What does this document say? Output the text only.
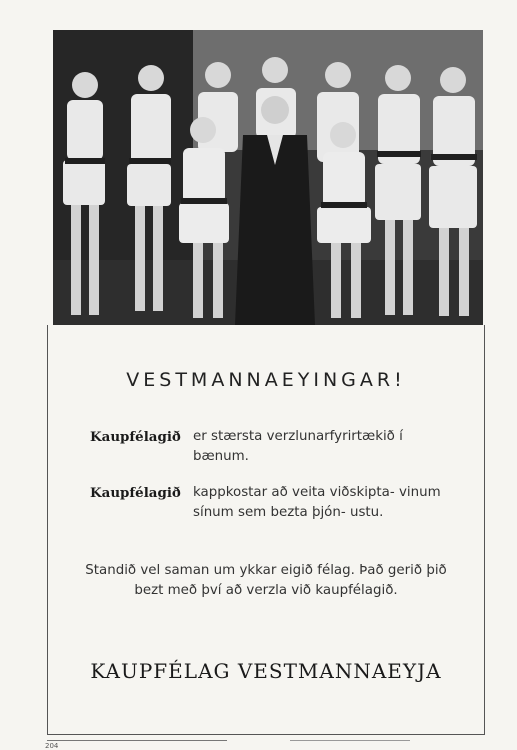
VESTMANNAEYINGAR!
Kaupfélagið er stærsta verzlunarfyrirtækið í bænum.
Kaupfélagið kappkostar að veita viðskipta- vinum sínum sem bezta þjón- ustu.
Standið vel saman um ykkar eigið félag. Það gerið þið bezt með því að verzla við kaupfélagið.
KAUPFÉLAG VESTMANNAEYJA
204
